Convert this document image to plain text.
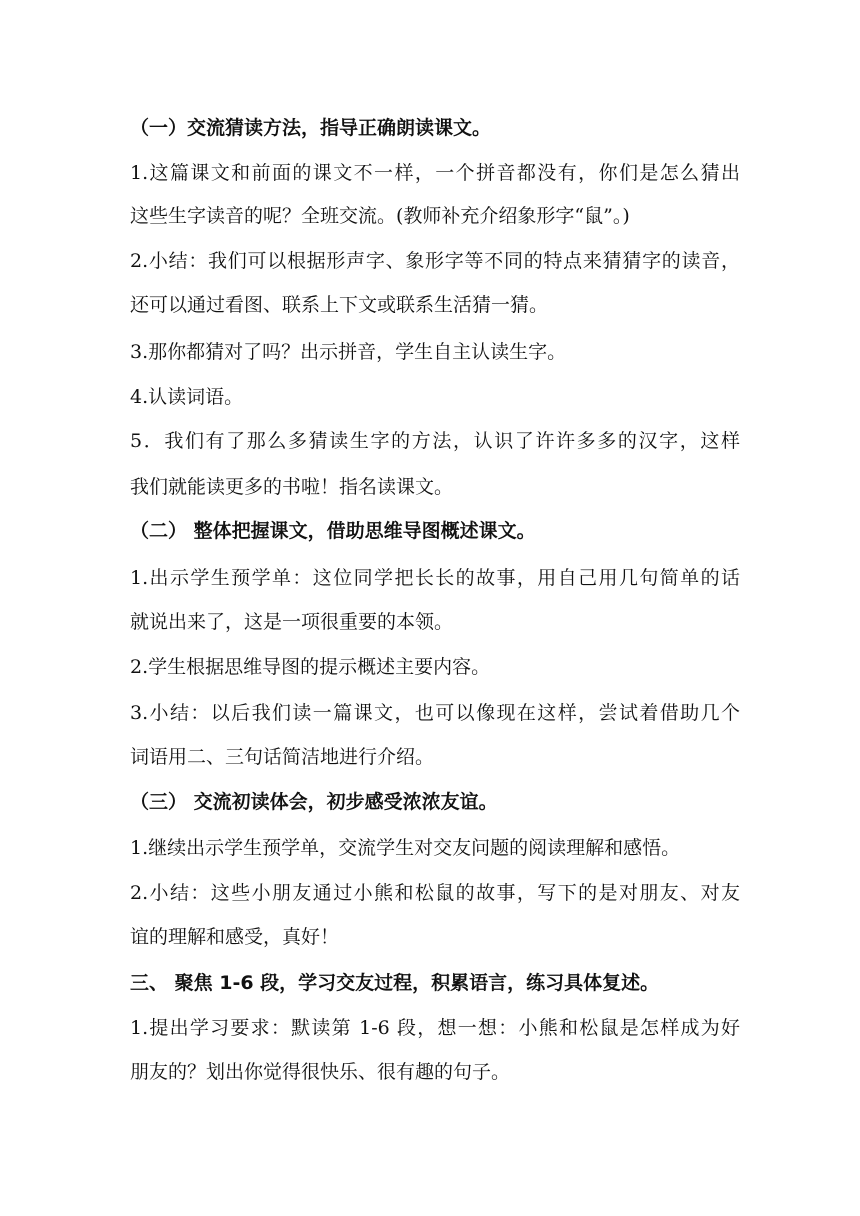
（一）交流猜读方法，指导正确朗读课文。
1.这篇课文和前面的课文不一样，一个拼音都没有，你们是怎么猜出
这些生字读音的呢？全班交流。(教师补充介绍象形字“鼠”。)
2.小结：我们可以根据形声字、象形字等不同的特点来猜猜字的读音，
还可以通过看图、联系上下文或联系生活猜一猜。
3.那你都猜对了吗？出示拼音，学生自主认读生字。
4.认读词语。
5．我们有了那么多猜读生字的方法，认识了许许多多的汉字，这样
我们就能读更多的书啦！指名读课文。
（二） 整体把握课文，借助思维导图概述课文。
1.出示学生预学单：这位同学把长长的故事，用自己用几句简单的话
就说出来了，这是一项很重要的本领。
2.学生根据思维导图的提示概述主要内容。
3.小结：以后我们读一篇课文，也可以像现在这样，尝试着借助几个
词语用二、三句话简洁地进行介绍。
（三） 交流初读体会，初步感受浓浓友谊。
1.继续出示学生预学单，交流学生对交友问题的阅读理解和感悟。
2.小结：这些小朋友通过小熊和松鼠的故事，写下的是对朋友、对友
谊的理解和感受，真好！
三、 聚焦 1-6 段，学习交友过程，积累语言，练习具体复述。
1.提出学习要求：默读第 1-6 段，想一想：小熊和松鼠是怎样成为好
朋友的？划出你觉得很快乐、很有趣的句子。
